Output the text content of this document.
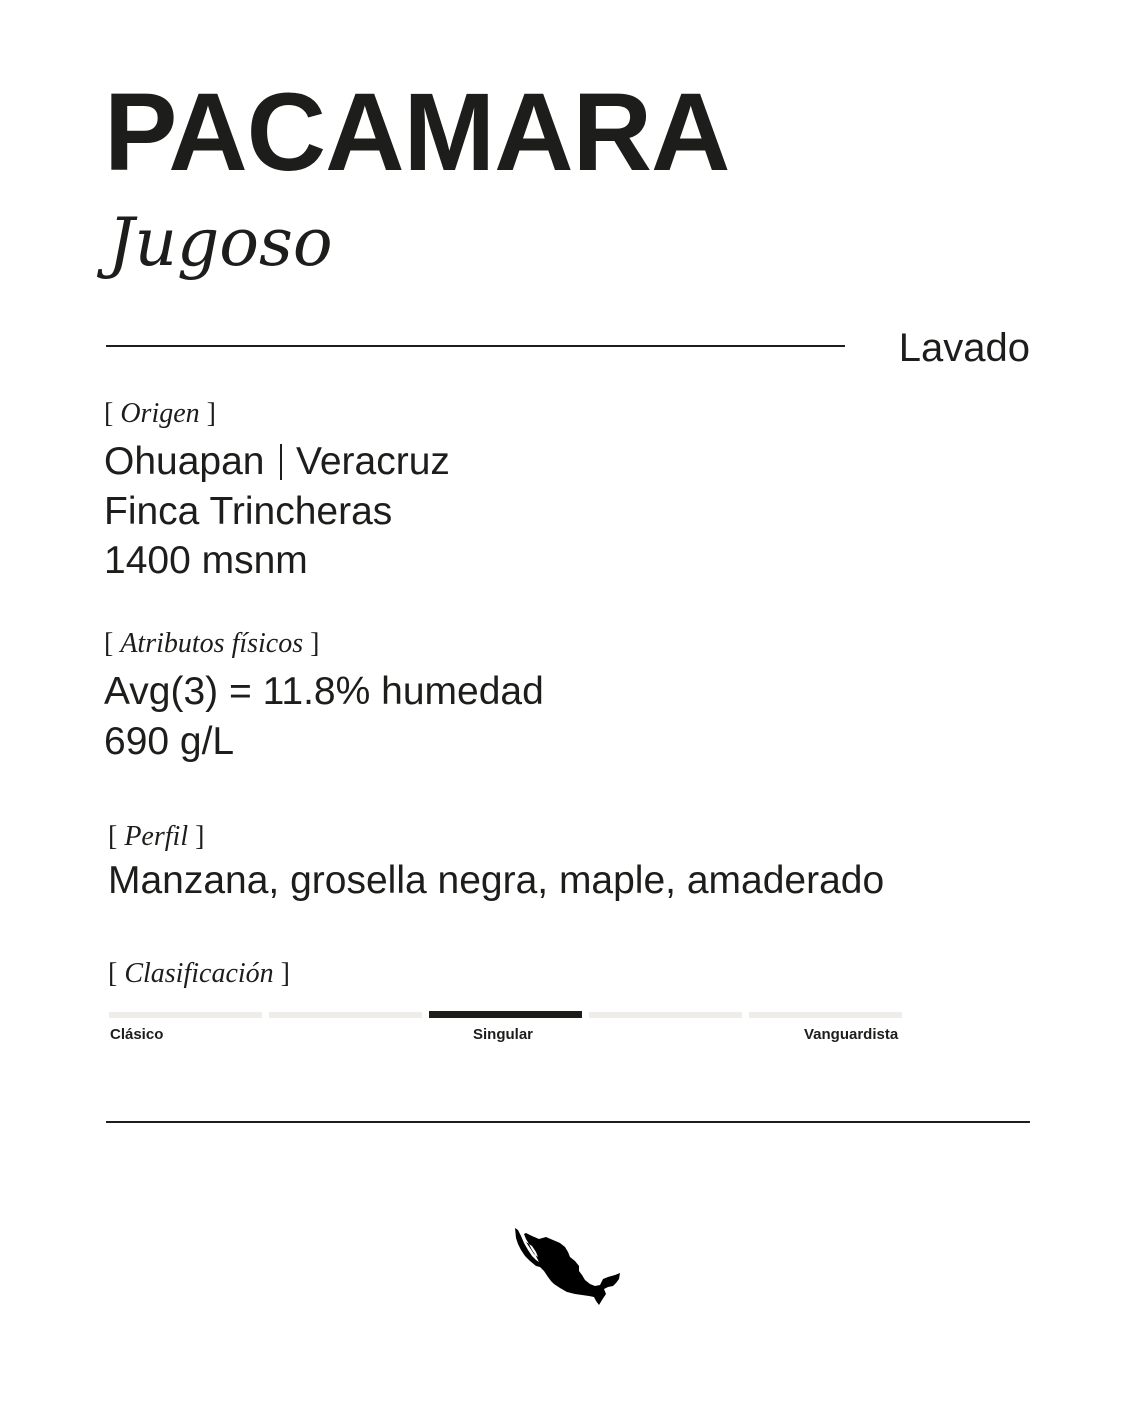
PACAMARA
Jugoso
Lavado
[ Origen ]
Ohuapan Veracruz
Finca Trincheras
1400 msnm
[ Atributos físicos ]
Avg(3) = 11.8% humedad
690 g/L
[ Perfil ]
Manzana, grosella negra, maple, amaderado
[ Clasificación ]
Clásico	Singular	Vanguardista
